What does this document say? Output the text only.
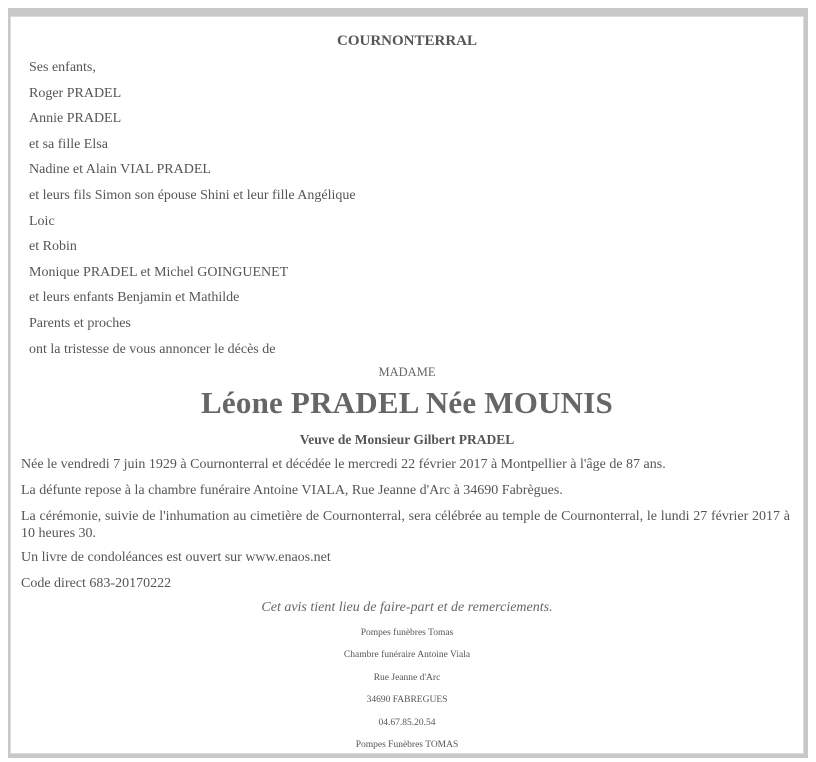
COURNONTERRAL
Ses enfants,
Roger PRADEL
Annie PRADEL
et sa fille Elsa
Nadine et Alain VIAL PRADEL
et leurs fils Simon son épouse Shini et leur fille Angélique
Loic
et Robin
Monique PRADEL et Michel GOINGUENET
et leurs enfants Benjamin et Mathilde
Parents et proches
ont la tristesse de vous annoncer le décès de
MADAME
Léone PRADEL Née MOUNIS
Veuve de Monsieur Gilbert PRADEL
Née le vendredi 7 juin 1929 à Cournonterral et décédée le mercredi 22 février 2017 à Montpellier à l'âge de 87 ans.
La défunte repose à la chambre funéraire Antoine VIALA, Rue Jeanne d'Arc à 34690 Fabrègues.
La cérémonie, suivie de l'inhumation au cimetière de Cournonterral, sera célébrée au temple de Cournonterral, le lundi 27 février 2017 à 10 heures 30.
Un livre de condoléances est ouvert sur www.enaos.net
Code direct 683-20170222
Cet avis tient lieu de faire-part et de remerciements.
Pompes funèbres Tomas
Chambre funéraire Antoine Viala
Rue Jeanne d'Arc
34690 FABREGUES
04.67.85.20.54
Pompes Funèbres TOMAS
